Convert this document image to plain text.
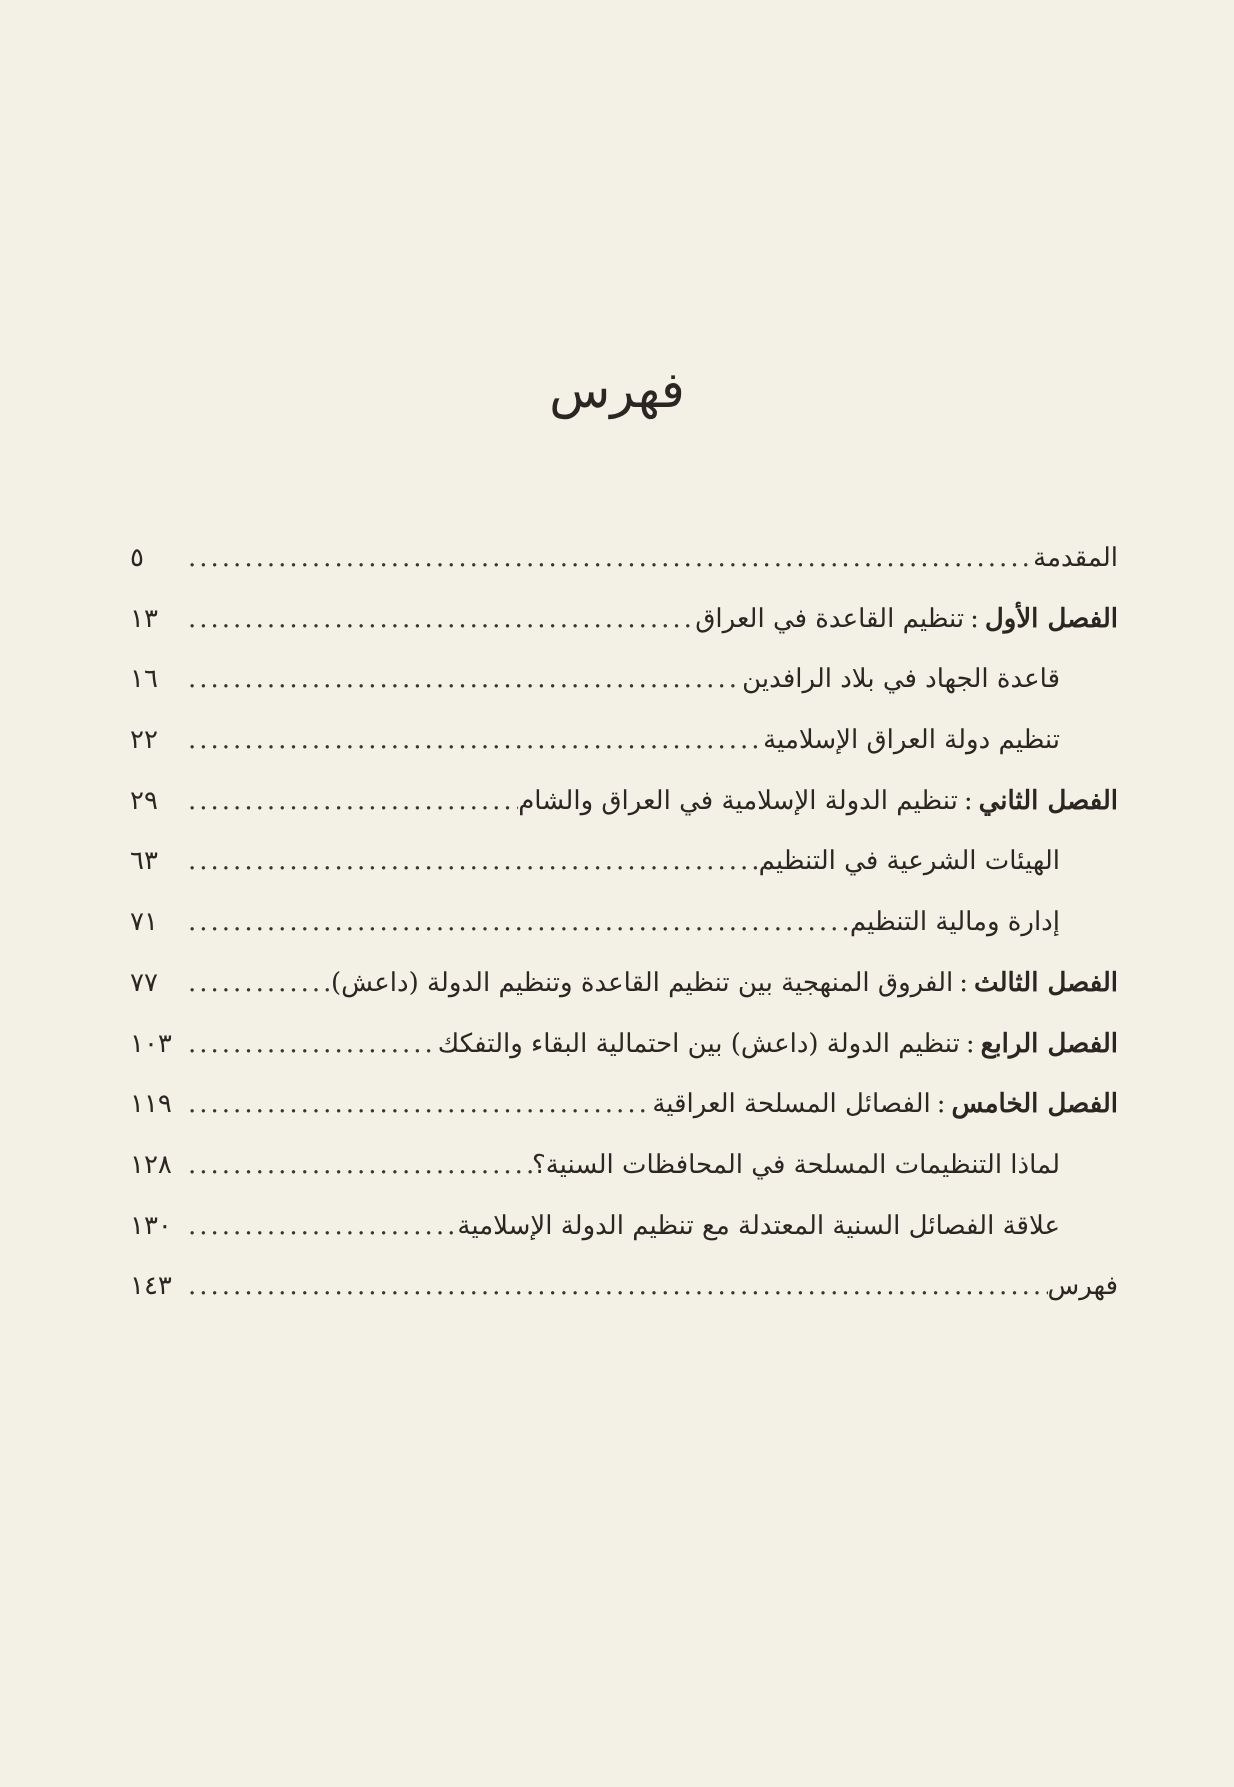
فهرس
المقدمة
.....
٥
الفصل الأول:تنظيم القاعدة في العراق
.....
١٣
قاعدة الجهاد في بلاد الرافدين
.....
١٦
تنظيم دولة العراق الإسلامية
.....
٢٢
الفصل الثاني:تنظيم الدولة الإسلامية في العراق والشام
.....
٢٩
الهيئات الشرعية في التنظيم
.....
٦٣
إدارة ومالية التنظيم
.....
٧١
الفصل الثالث:الفروق المنهجية بين تنظيم القاعدة وتنظيم الدولة (داعش)
.....
٧٧
الفصل الرابع:تنظيم الدولة (داعش) بين احتمالية البقاء والتفكك
.....
١٠٣
الفصل الخامس:الفصائل المسلحة العراقية
.....
١١٩
لماذا التنظيمات المسلحة في المحافظات السنية؟
.....
١٢٨
علاقة الفصائل السنية المعتدلة مع تنظيم الدولة الإسلامية
.....
١٣٠
فهرس
.....
١٤٣
